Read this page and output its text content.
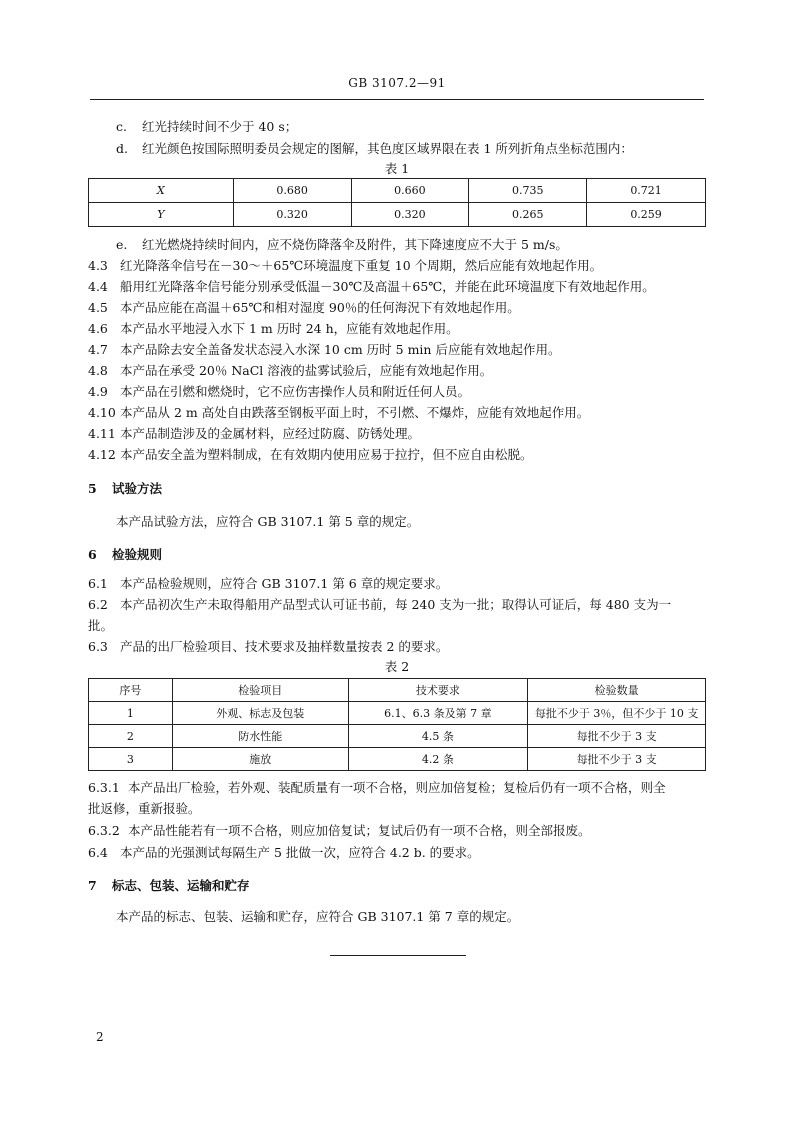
GB 3107.2—91
c. 红光持续时间不少于 40 s；
d. 红光颜色按国际照明委员会规定的图解，其色度区域界限在表 1 所列折角点坐标范围内：
表 1
X	0.680	0.660	0.735	0.721
Y	0.320	0.320	0.265	0.259
e. 红光燃烧持续时间内，应不烧伤降落伞及附件，其下降速度应不大于 5 m/s。
4.3 红光降落伞信号在－30～＋65℃环境温度下重复 10 个周期，然后应能有效地起作用。
4.4 船用红光降落伞信号能分别承受低温－30℃及高温＋65℃，并能在此环境温度下有效地起作用。
4.5 本产品应能在高温＋65℃和相对湿度 90％的任何海況下有效地起作用。
4.6 本产品水平地浸入水下 1 m 历时 24 h，应能有效地起作用。
4.7 本产品除去安全盖备发状态浸入水深 10 cm 历时 5 min 后应能有效地起作用。
4.8 本产品在承受 20％ NaCl 溶液的盐雾试验后，应能有效地起作用。
4.9 本产品在引燃和燃烧时，它不应伤害操作人员和附近任何人员。
4.10 本产品从 2 m 高处自由跌落至钢板平面上时，不引燃、不爆炸，应能有效地起作用。
4.11 本产品制造涉及的金属材料，应经过防腐、防锈处理。
4.12 本产品安全盖为塑料制成，在有效期内使用应易于拉拧，但不应自由松脱。
5 试验方法
本产品试验方法，应符合 GB 3107.1 第 5 章的规定。
6 检验规则
6.1 本产品检验规则，应符合 GB 3107.1 第 6 章的规定要求。
6.2 本产品初次生产未取得船用产品型式认可证书前，每 240 支为一批；取得认可证后，每 480 支为一
批。
6.3 产品的出厂检验项目、技术要求及抽样数量按表 2 的要求。
表 2
序号	检验项目	技术要求	检验数量
1	外观、标志及包装	6.1、6.3 条及第 7 章	每批不少于 3％，但不少于 10 支
2	防水性能	4.5 条	每批不少于 3 支
3	施放	4.2 条	每批不少于 3 支
6.3.1 本产品出厂检验，若外观、装配质量有一项不合格，则应加倍复检；复检后仍有一项不合格，则全
批返修，重新报验。
6.3.2 本产品性能若有一项不合格，则应加倍复试；复试后仍有一项不合格，则全部报废。
6.4 本产品的光强测试每隔生产 5 批做一次，应符合 4.2 b. 的要求。
7 标志、包装、运输和贮存
本产品的标志、包装、运输和贮存，应符合 GB 3107.1 第 7 章的规定。
2
